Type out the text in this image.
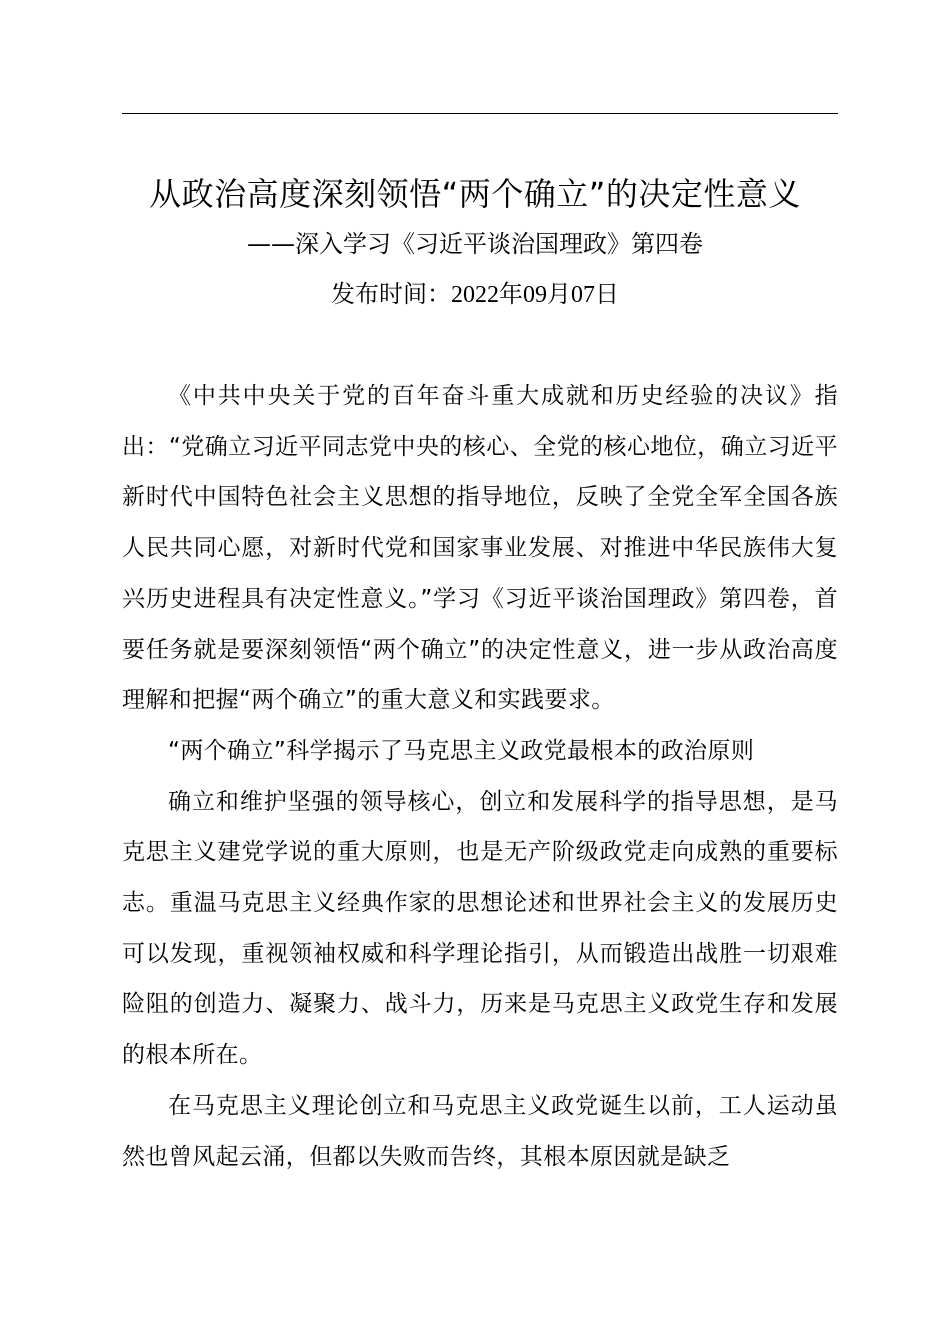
从政治高度深刻领悟“两个确立”的决定性意义
——深入学习《习近平谈治国理政》第四卷
发布时间：2022年09月07日

《中共中央关于党的百年奋斗重大成就和历史经验的决议》指出：“党确立习近平同志党中央的核心、全党的核心地位，确立习近平新时代中国特色社会主义思想的指导地位，反映了全党全军全国各族人民共同心愿，对新时代党和国家事业发展、对推进中华民族伟大复兴历史进程具有决定性意义。”学习《习近平谈治国理政》第四卷，首要任务就是要深刻领悟“两个确立”的决定性意义，进一步从政治高度理解和把握“两个确立”的重大意义和实践要求。

“两个确立”科学揭示了马克思主义政党最根本的政治原则

确立和维护坚强的领导核心，创立和发展科学的指导思想，是马克思主义建党学说的重大原则，也是无产阶级政党走向成熟的重要标志。重温马克思主义经典作家的思想论述和世界社会主义的发展历史可以发现，重视领袖权威和科学理论指引，从而锻造出战胜一切艰难险阻的创造力、凝聚力、战斗力，历来是马克思主义政党生存和发展的根本所在。

在马克思主义理论创立和马克思主义政党诞生以前，工人运动虽然也曾风起云涌，但都以失败而告终，其根本原因就是缺乏
